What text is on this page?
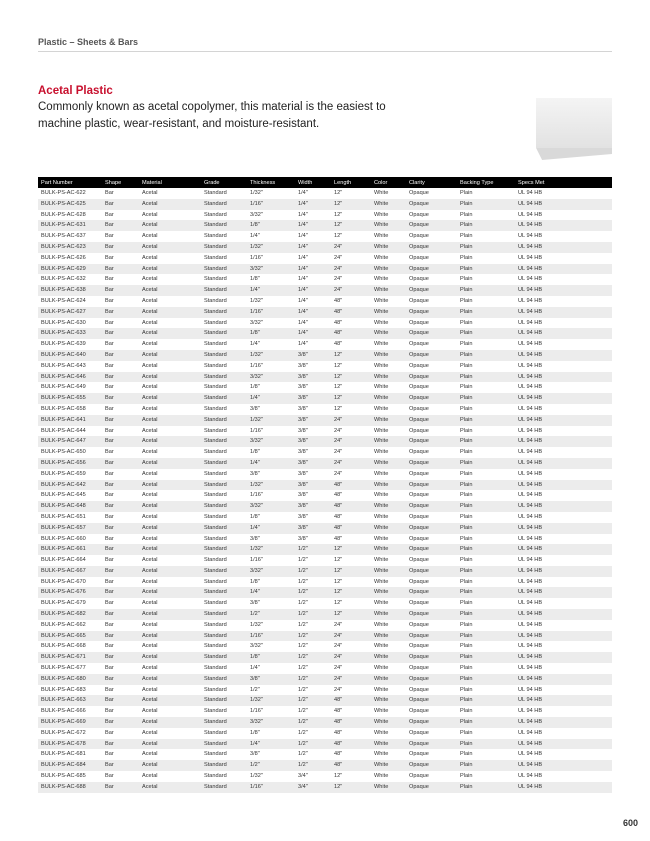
Plastic – Sheets & Bars
Acetal Plastic
Commonly known as acetal copolymer, this material is the easiest to machine plastic, wear-resistant, and moisture-resistant.
Part Number	Shape	Material	Grade	Thickness	Width	Length	Color	Clarity	Backing Type	Specs Met
BULK-PS-AC-622	Bar	Acetal	Standard	1/32"	1/4"	12"	White	Opaque	Plain	UL 94 HB
BULK-PS-AC-625	Bar	Acetal	Standard	1/16"	1/4"	12"	White	Opaque	Plain	UL 94 HB
BULK-PS-AC-628	Bar	Acetal	Standard	3/32"	1/4"	12"	White	Opaque	Plain	UL 94 HB
BULK-PS-AC-631	Bar	Acetal	Standard	1/8"	1/4"	12"	White	Opaque	Plain	UL 94 HB
BULK-PS-AC-637	Bar	Acetal	Standard	1/4"	1/4"	12"	White	Opaque	Plain	UL 94 HB
BULK-PS-AC-623	Bar	Acetal	Standard	1/32"	1/4"	24"	White	Opaque	Plain	UL 94 HB
BULK-PS-AC-626	Bar	Acetal	Standard	1/16"	1/4"	24"	White	Opaque	Plain	UL 94 HB
BULK-PS-AC-629	Bar	Acetal	Standard	3/32"	1/4"	24"	White	Opaque	Plain	UL 94 HB
BULK-PS-AC-632	Bar	Acetal	Standard	1/8"	1/4"	24"	White	Opaque	Plain	UL 94 HB
BULK-PS-AC-638	Bar	Acetal	Standard	1/4"	1/4"	24"	White	Opaque	Plain	UL 94 HB
BULK-PS-AC-624	Bar	Acetal	Standard	1/32"	1/4"	48"	White	Opaque	Plain	UL 94 HB
BULK-PS-AC-627	Bar	Acetal	Standard	1/16"	1/4"	48"	White	Opaque	Plain	UL 94 HB
BULK-PS-AC-630	Bar	Acetal	Standard	3/32"	1/4"	48"	White	Opaque	Plain	UL 94 HB
BULK-PS-AC-633	Bar	Acetal	Standard	1/8"	1/4"	48"	White	Opaque	Plain	UL 94 HB
BULK-PS-AC-639	Bar	Acetal	Standard	1/4"	1/4"	48"	White	Opaque	Plain	UL 94 HB
BULK-PS-AC-640	Bar	Acetal	Standard	1/32"	3/8"	12"	White	Opaque	Plain	UL 94 HB
BULK-PS-AC-643	Bar	Acetal	Standard	1/16"	3/8"	12"	White	Opaque	Plain	UL 94 HB
BULK-PS-AC-646	Bar	Acetal	Standard	3/32"	3/8"	12"	White	Opaque	Plain	UL 94 HB
BULK-PS-AC-649	Bar	Acetal	Standard	1/8"	3/8"	12"	White	Opaque	Plain	UL 94 HB
BULK-PS-AC-655	Bar	Acetal	Standard	1/4"	3/8"	12"	White	Opaque	Plain	UL 94 HB
BULK-PS-AC-658	Bar	Acetal	Standard	3/8"	3/8"	12"	White	Opaque	Plain	UL 94 HB
BULK-PS-AC-641	Bar	Acetal	Standard	1/32"	3/8"	24"	White	Opaque	Plain	UL 94 HB
BULK-PS-AC-644	Bar	Acetal	Standard	1/16"	3/8"	24"	White	Opaque	Plain	UL 94 HB
BULK-PS-AC-647	Bar	Acetal	Standard	3/32"	3/8"	24"	White	Opaque	Plain	UL 94 HB
BULK-PS-AC-650	Bar	Acetal	Standard	1/8"	3/8"	24"	White	Opaque	Plain	UL 94 HB
BULK-PS-AC-656	Bar	Acetal	Standard	1/4"	3/8"	24"	White	Opaque	Plain	UL 94 HB
BULK-PS-AC-659	Bar	Acetal	Standard	3/8"	3/8"	24"	White	Opaque	Plain	UL 94 HB
BULK-PS-AC-642	Bar	Acetal	Standard	1/32"	3/8"	48"	White	Opaque	Plain	UL 94 HB
BULK-PS-AC-645	Bar	Acetal	Standard	1/16"	3/8"	48"	White	Opaque	Plain	UL 94 HB
BULK-PS-AC-648	Bar	Acetal	Standard	3/32"	3/8"	48"	White	Opaque	Plain	UL 94 HB
BULK-PS-AC-651	Bar	Acetal	Standard	1/8"	3/8"	48"	White	Opaque	Plain	UL 94 HB
BULK-PS-AC-657	Bar	Acetal	Standard	1/4"	3/8"	48"	White	Opaque	Plain	UL 94 HB
BULK-PS-AC-660	Bar	Acetal	Standard	3/8"	3/8"	48"	White	Opaque	Plain	UL 94 HB
BULK-PS-AC-661	Bar	Acetal	Standard	1/32"	1/2"	12"	White	Opaque	Plain	UL 94 HB
BULK-PS-AC-664	Bar	Acetal	Standard	1/16"	1/2"	12"	White	Opaque	Plain	UL 94 HB
BULK-PS-AC-667	Bar	Acetal	Standard	3/32"	1/2"	12"	White	Opaque	Plain	UL 94 HB
BULK-PS-AC-670	Bar	Acetal	Standard	1/8"	1/2"	12"	White	Opaque	Plain	UL 94 HB
BULK-PS-AC-676	Bar	Acetal	Standard	1/4"	1/2"	12"	White	Opaque	Plain	UL 94 HB
BULK-PS-AC-679	Bar	Acetal	Standard	3/8"	1/2"	12"	White	Opaque	Plain	UL 94 HB
BULK-PS-AC-682	Bar	Acetal	Standard	1/2"	1/2"	12"	White	Opaque	Plain	UL 94 HB
BULK-PS-AC-662	Bar	Acetal	Standard	1/32"	1/2"	24"	White	Opaque	Plain	UL 94 HB
BULK-PS-AC-665	Bar	Acetal	Standard	1/16"	1/2"	24"	White	Opaque	Plain	UL 94 HB
BULK-PS-AC-668	Bar	Acetal	Standard	3/32"	1/2"	24"	White	Opaque	Plain	UL 94 HB
BULK-PS-AC-671	Bar	Acetal	Standard	1/8"	1/2"	24"	White	Opaque	Plain	UL 94 HB
BULK-PS-AC-677	Bar	Acetal	Standard	1/4"	1/2"	24"	White	Opaque	Plain	UL 94 HB
BULK-PS-AC-680	Bar	Acetal	Standard	3/8"	1/2"	24"	White	Opaque	Plain	UL 94 HB
BULK-PS-AC-683	Bar	Acetal	Standard	1/2"	1/2"	24"	White	Opaque	Plain	UL 94 HB
BULK-PS-AC-663	Bar	Acetal	Standard	1/32"	1/2"	48"	White	Opaque	Plain	UL 94 HB
BULK-PS-AC-666	Bar	Acetal	Standard	1/16"	1/2"	48"	White	Opaque	Plain	UL 94 HB
BULK-PS-AC-669	Bar	Acetal	Standard	3/32"	1/2"	48"	White	Opaque	Plain	UL 94 HB
BULK-PS-AC-672	Bar	Acetal	Standard	1/8"	1/2"	48"	White	Opaque	Plain	UL 94 HB
BULK-PS-AC-678	Bar	Acetal	Standard	1/4"	1/2"	48"	White	Opaque	Plain	UL 94 HB
BULK-PS-AC-681	Bar	Acetal	Standard	3/8"	1/2"	48"	White	Opaque	Plain	UL 94 HB
BULK-PS-AC-684	Bar	Acetal	Standard	1/2"	1/2"	48"	White	Opaque	Plain	UL 94 HB
BULK-PS-AC-685	Bar	Acetal	Standard	1/32"	3/4"	12"	White	Opaque	Plain	UL 94 HB
BULK-PS-AC-688	Bar	Acetal	Standard	1/16"	3/4"	12"	White	Opaque	Plain	UL 94 HB
600
